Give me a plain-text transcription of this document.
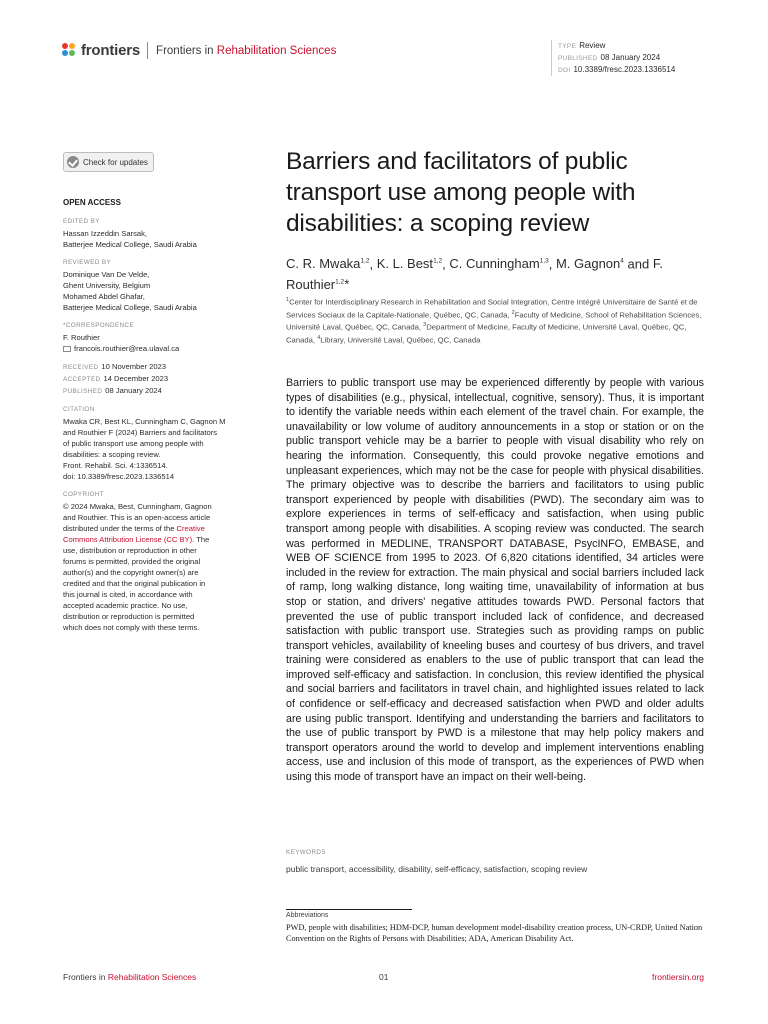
frontiers Frontiers in Rehabilitation Sciences	TYPE Review
PUBLISHED 08 January 2024
DOI 10.3389/fresc.2023.1336514
Check for updates
OPEN ACCESS
EDITED BY
Hassan Izzeddin Sarsak,
Batterjee Medical College, Saudi Arabia
REVIEWED BY
Dominique Van De Velde,
Ghent University, Belgium
Mohamed Abdel Ghafar,
Batterjee Medical College, Saudi Arabia
*CORRESPONDENCE
F. Routhier
francois.routhier@rea.ulaval.ca
RECEIVED 10 November 2023
ACCEPTED 14 December 2023
PUBLISHED 08 January 2024
CITATION
Mwaka CR, Best KL, Cunningham C, Gagnon M
and Routhier F (2024) Barriers and facilitators
of public transport use among people with
disabilities: a scoping review.
Front. Rehabil. Sci. 4:1336514.
doi: 10.3389/fresc.2023.1336514
COPYRIGHT
© 2024 Mwaka, Best, Cunningham, Gagnon
and Routhier. This is an open-access article
distributed under the terms of the Creative
Commons Attribution License (CC BY). The
use, distribution or reproduction in other
forums is permitted, provided the original
author(s) and the copyright owner(s) are
credited and that the original publication in
this journal is cited, in accordance with
accepted academic practice. No use,
distribution or reproduction is permitted
which does not comply with these terms.
Barriers and facilitators of public transport use among people with disabilities: a scoping review
C. R. Mwaka$^{1,2}$, K. L. Best$^{1,2}$, C. Cunningham$^{1,3}$, M. Gagnon$^4$ and F. Routhier$^{1,2}$*
$^1$Center for Interdisciplinary Research in Rehabilitation and Social Integration, Centre Intégré Universitaire de Santé et de Services Sociaux de la Capitale-Nationale, Québec, QC, Canada, $^2$Faculty of Medicine, School of Rehabilitation Sciences, Université Laval, Québec, QC, Canada, $^3$Department of Medicine, Faculty of Medicine, Université Laval, Québec, QC, Canada, $^4$Library, Université Laval, Québec, QC, Canada

Barriers to public transport use may be experienced differently by people with various types of disabilities (e.g., physical, intellectual, cognitive, sensory). Thus, it is important to identify the variable needs within each element of the travel chain. For example, the unavailability or low volume of auditory announcements in a stop or station or on the public transport vehicle may be a barrier to people with visual disability who rely on hearing the information. Consequently, this could provoke negative emotions and unpleasant experiences, which may not be the case for people with physical disabilities. The primary objective was to describe the barriers and facilitators to using public transport experienced by people with disabilities (PWD). The secondary aim was to explore experiences in terms of self-efficacy and satisfaction, when using public transport among people with disabilities. A scoping review was conducted. The search was performed in MEDLINE, TRANSPORT DATABASE, PsycINFO, EMBASE, and WEB OF SCIENCE from 1995 to 2023. Of 6,820 citations identified, 34 articles were included in the review for extraction. The main physical and social barriers included lack of ramp, long walking distance, long waiting time, unavailability of information at bus stop or station, and drivers' negative attitudes towards PWD. Personal factors that prevented the use of public transport included lack of confidence, and decreased satisfaction with public transport use. Strategies such as providing ramps on public transport vehicles, availability of kneeling buses and courtesy of bus drivers, and travel training were considered as enablers to the use of public transport that can lead the improved self-efficacy and satisfaction. In conclusion, this review identified the physical and social barriers and facilitators in travel chain, and highlighted issues related to lack of confidence or self-efficacy and decreased satisfaction when PWD and older adults are using public transport. Identifying and understanding the barriers and facilitators to the use of public transport by PWD is a milestone that may help policy makers and transport operators around the world to develop and implement interventions enabling access, use and inclusion of this mode of transport, as the experiences of PWD when using this mode of transport have an impact on their well-being.

KEYWORDS
public transport, accessibility, disability, self-efficacy, satisfaction, scoping review
Abbreviations
PWD, people with disabilities; HDM-DCP, human development model-disability creation process, UN-CRDP, United Nation Convention on the Rights of Persons with Disabilities; ADA, American Disability Act.
Frontiers in Rehabilitation Sciences	01	frontiersin.org
